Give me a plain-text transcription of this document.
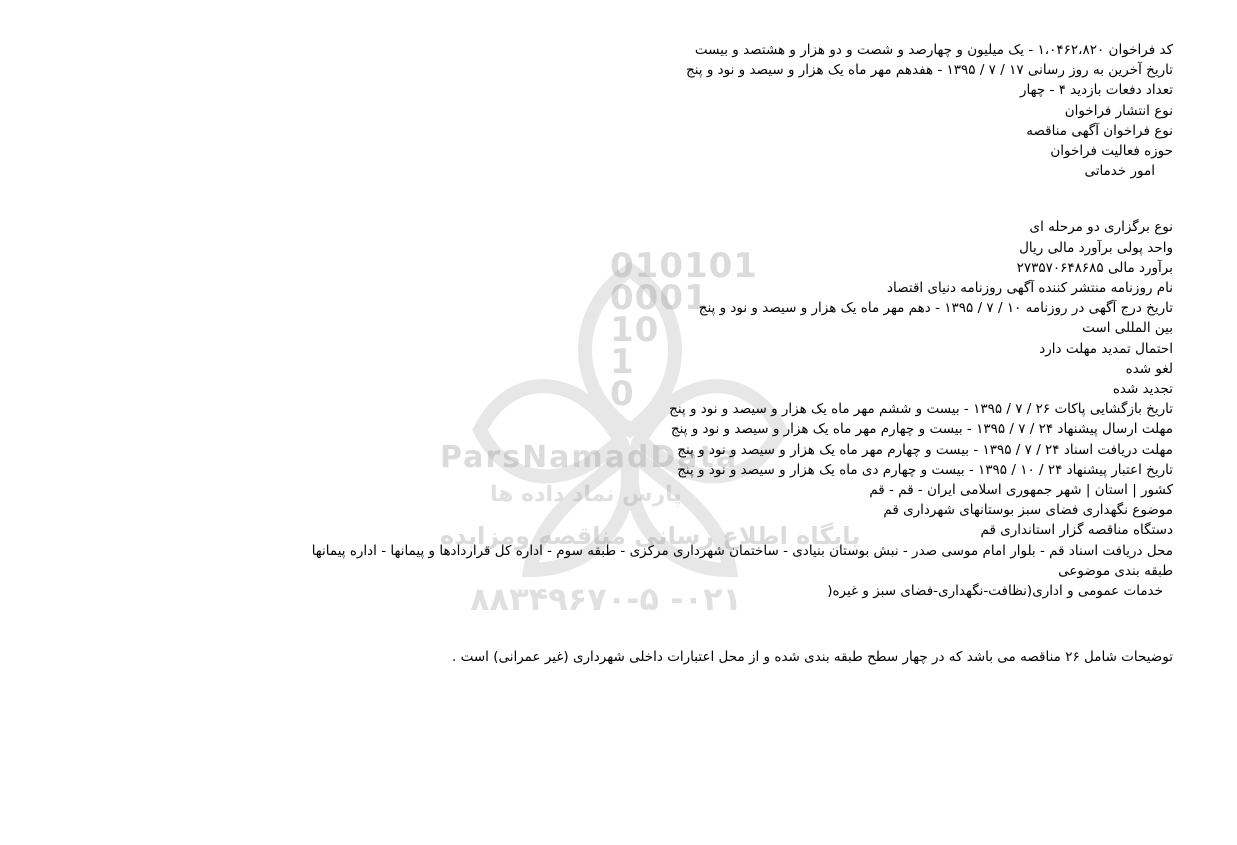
010101
0001
10
1
0
ParsNamadData
پارس نماد داده ها
پایگاه اطلاع رسانی مناقصه ومزایده
۰۲۱- ۸۸۳۴۹۶۷۰-۵
کد فراخوان ۱،۰۴۶۲،۸۲۰ - یک میلیون و چهارصد و شصت و دو هزار و هشتصد و بیست
تاریخ آخرین به روز رسانی ۱۷ / ۷ / ۱۳۹۵ - هفدهم مهر ماه یک هزار و سیصد و نود و پنج
تعداد دفعات بازدید ۴ - چهار
نوع انتشار فراخوان
نوع فراخوان آگهی مناقصه
حوزه فعالیت فراخوان
امور خدماتی
نوع برگزاری دو مرحله ای
واحد پولی برآورد مالی ریال
برآورد مالی ۲۷۳۵۷۰۶۴۸۶۸۵
نام روزنامه منتشر کننده آگهی روزنامه دنیای اقتصاد
تاریخ درج آگهی در روزنامه ۱۰ / ۷ / ۱۳۹۵ - دهم مهر ماه یک هزار و سیصد و نود و پنج
بین المللی است
احتمال تمدید مهلت دارد
لغو شده
تجدید شده
تاریخ بازگشایی پاکات ۲۶ / ۷ / ۱۳۹۵ - بیست و ششم مهر ماه یک هزار و سیصد و نود و پنج
مهلت ارسال پیشنهاد ۲۴ / ۷ / ۱۳۹۵ - بیست و چهارم مهر ماه یک هزار و سیصد و نود و پنج
مهلت دریافت اسناد ۲۴ / ۷ / ۱۳۹۵ - بیست و چهارم مهر ماه یک هزار و سیصد و نود و پنج
تاریخ اعتبار پیشنهاد ۲۴ / ۱۰ / ۱۳۹۵ - بیست و چهارم دی ماه یک هزار و سیصد و نود و پنج
کشور | استان | شهر جمهوری اسلامی ایران - قم - قم
موضوع نگهداری فضای سبز بوستانهای شهرداری قم
دستگاه مناقصه گزار استانداری قم
محل دریافت اسناد قم - بلوار امام موسی صدر - نبش بوستان بنیادی - ساختمان شهرداری مرکزی - طبقه سوم - اداره کل قراردادها و پیمانها - اداره پیمانها
طبقه بندی موضوعی
خدمات عمومی و اداری(نظافت-نگهداری-فضای سبز و غیره(
توضیحات شامل ۲۶ مناقصه می باشد که در چهار سطح طبقه بندی شده و از محل اعتبارات داخلی شهرداری (غیر عمرانی) است .
